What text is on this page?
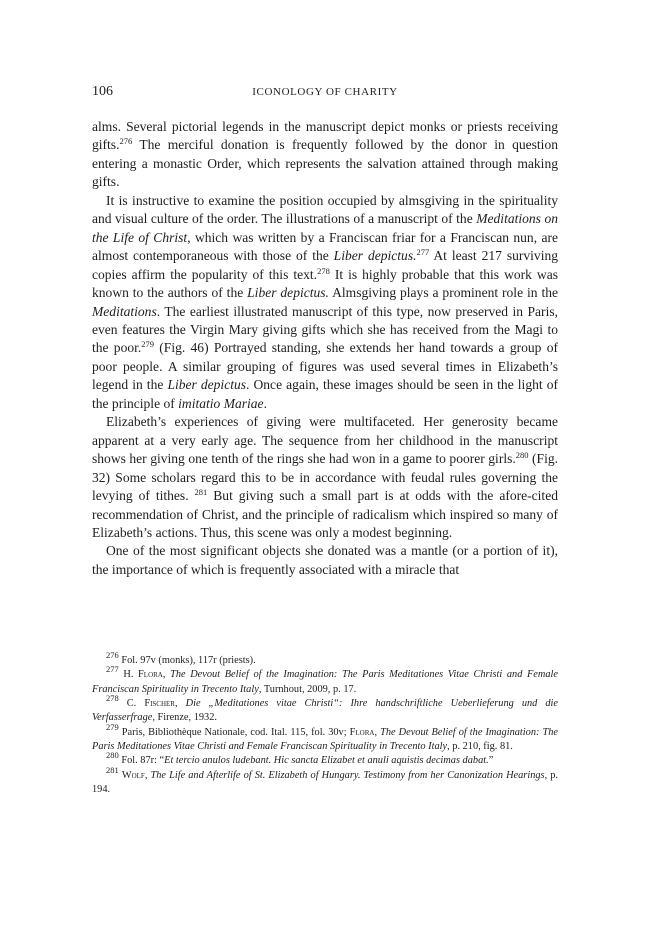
106	ICONOLOGY OF CHARITY

alms. Several pictorial legends in the manuscript depict monks or priests receiving gifts.$^{276}$ The merciful donation is frequently followed by the donor in question entering a monastic Order, which represents the salvation attained through making gifts.

It is instructive to examine the position occupied by almsgiving in the spirituality and visual culture of the order. The illustrations of a manuscript of the Meditations on the Life of Christ, which was written by a Franciscan friar for a Franciscan nun, are almost contemporaneous with those of the Liber depictus.$^{277}$ At least 217 surviving copies affirm the popularity of this text.$^{278}$ It is highly probable that this work was known to the authors of the Liber depictus. Almsgiving plays a prominent role in the Meditations. The earliest illustrated manuscript of this type, now preserved in Paris, even features the Virgin Mary giving gifts which she has received from the Magi to the poor.$^{279}$ (Fig. 46) Portrayed standing, she extends her hand towards a group of poor people. A similar grouping of figures was used several times in Elizabeth’s legend in the Liber depictus. Once again, these images should be seen in the light of the principle of imitatio Mariae.

Elizabeth’s experiences of giving were multifaceted. Her generosity became apparent at a very early age. The sequence from her childhood in the manuscript shows her giving one tenth of the rings she had won in a game to poorer girls.$^{280}$ (Fig. 32) Some scholars regard this to be in accordance with feudal rules governing the levying of tithes. $^{281}$ But giving such a small part is at odds with the afore-cited recommendation of Christ, and the principle of radicalism which inspired so many of Elizabeth’s actions. Thus, this scene was only a modest beginning.

One of the most significant objects she donated was a mantle (or a portion of it), the importance of which is frequently associated with a miracle that

$^{276}$ Fol. 97v (monks), 117r (priests).

$^{277}$ H. Flora, The Devout Belief of the Imagination: The Paris Meditationes Vitae Christi and Female Franciscan Spirituality in Trecento Italy, Turnhout, 2009, p. 17.

$^{278}$ C. Fischer, Die „Meditationes vitae Christi“: Ihre handschriftliche Ueberlieferung und die Verfasserfrage, Firenze, 1932.

$^{279}$ Paris, Bibliothèque Nationale, cod. Ital. 115, fol. 30v; Flora, The Devout Belief of the Imagination: The Paris Meditationes Vitae Christi and Female Franciscan Spirituality in Trecento Italy, p. 210, fig. 81.

$^{280}$ Fol. 87r: “Et tercio anulos ludebant. Hic sancta Elizabet et anuli aquistis decimas dabat.”

$^{281}$ Wolf, The Life and Afterlife of St. Elizabeth of Hungary. Testimony from her Canonization Hearings, p. 194.
